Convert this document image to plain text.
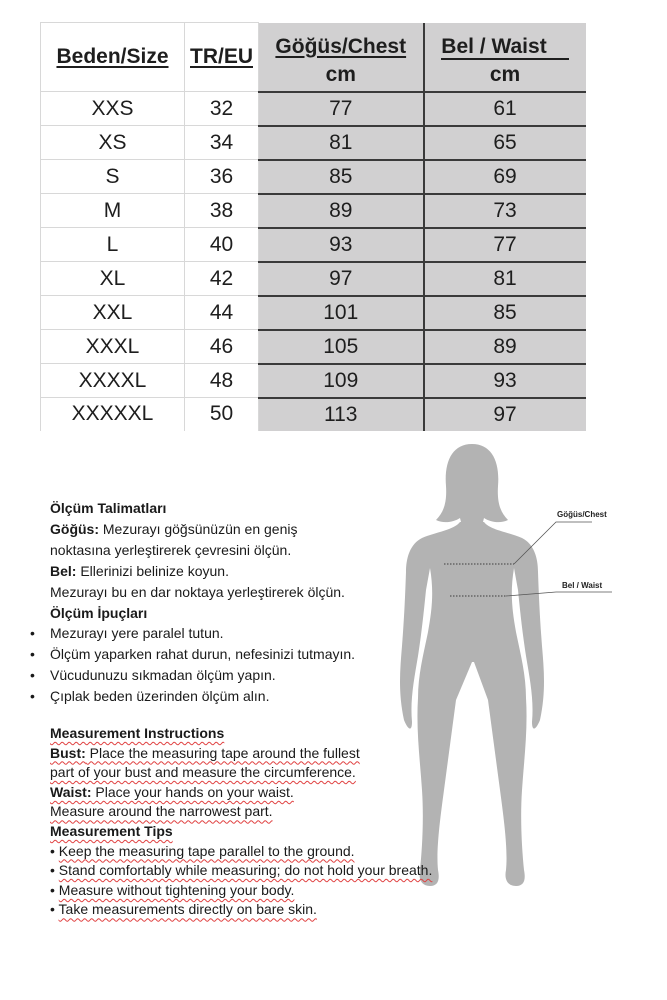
Beden/Size	TR/EU	Göğüs/Chest	Bel / Waist
		cm	cm
XXS	32	77	61
XS	34	81	65
S	36	85	69
M	38	89	73
L	40	93	77
XL	42	97	81
XXL	44	101	85
XXXL	46	105	89
XXXXL	48	109	93
XXXXXL	50	113	97
Göğüs/Chest
Bel / Waist
Ölçüm Talimatları
Göğüs: Mezurayı göğsünüzün en geniş
noktasına yerleştirerek çevresini ölçün.
Bel: Ellerinizi belinize koyun.
Mezurayı bu en dar noktaya yerleştirerek ölçün.
Ölçüm İpuçları
• Mezurayı yere paralel tutun.
• Ölçüm yaparken rahat durun, nefesinizi tutmayın.
• Vücudunuzu sıkmadan ölçüm yapın.
• Çıplak beden üzerinden ölçüm alın.
Measurement Instructions
Bust: Place the measuring tape around the fullest
part of your bust and measure the circumference.
Waist: Place your hands on your waist.
Measure around the narrowest part.
Measurement Tips
• Keep the measuring tape parallel to the ground.
• Stand comfortably while measuring; do not hold your breath.
• Measure without tightening your body.
• Take measurements directly on bare skin.
